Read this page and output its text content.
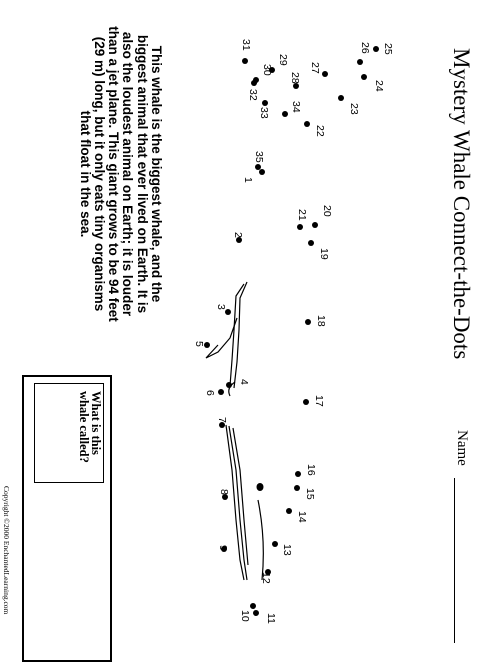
Mystery Whale Connect-the-Dots
Name
This whale is the biggest whale, and the biggest animal that ever lived on Earth. It is also the loudest animal on Earth; it is louder than a jet plane. This giant grows to be 94 feet (29 m) long, but it only eats tiny organisms that float in the sea.
What is this whale called?
Copyright ©2000 EnchantedLearning.com
1
2
3
4
5
6
7
8
9
10 11
12
13
14
15
16
17
18
19
20
21
22
23
24
25
26
27
28
29
30
31
32
33
34
35
